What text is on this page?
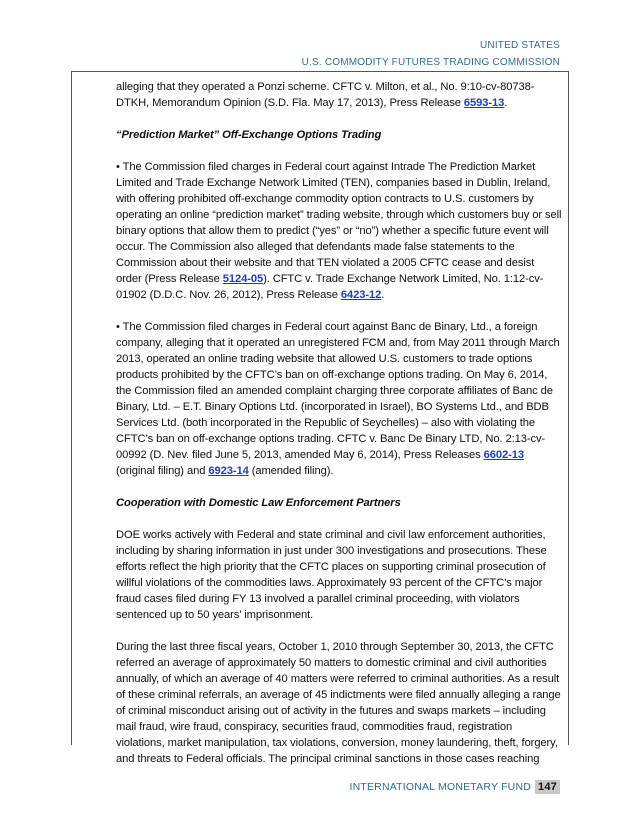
UNITED STATES
U.S. COMMODITY FUTURES TRADING COMMISSION

alleging that they operated a Ponzi scheme. CFTC v. Milton, et al., No. 9:10-cv-80738-DTKH, Memorandum Opinion (S.D. Fla. May 17, 2013), Press Release 6593-13.

“Prediction Market” Off-Exchange Options Trading

• The Commission filed charges in Federal court against Intrade The Prediction Market Limited and Trade Exchange Network Limited (TEN), companies based in Dublin, Ireland, with offering prohibited off-exchange commodity option contracts to U.S. customers by operating an online “prediction market” trading website, through which customers buy or sell binary options that allow them to predict (“yes” or “no”) whether a specific future event will occur. The Commission also alleged that defendants made false statements to the Commission about their website and that TEN violated a 2005 CFTC cease and desist order (Press Release 5124-05). CFTC v. Trade Exchange Network Limited, No. 1:12-cv-01902 (D.D.C. Nov. 26, 2012), Press Release 6423-12.

• The Commission filed charges in Federal court against Banc de Binary, Ltd., a foreign company, alleging that it operated an unregistered FCM and, from May 2011 through March 2013, operated an online trading website that allowed U.S. customers to trade options products prohibited by the CFTC’s ban on off-exchange options trading. On May 6, 2014, the Commission filed an amended complaint charging three corporate affiliates of Banc de Binary, Ltd. – E.T. Binary Options Ltd. (incorporated in Israel), BO Systems Ltd., and BDB Services Ltd. (both incorporated in the Republic of Seychelles) – also with violating the CFTC’s ban on off-exchange options trading. CFTC v. Banc De Binary LTD, No. 2:13-cv-00992 (D. Nev. filed June 5, 2013, amended May 6, 2014), Press Releases 6602-13 (original filing) and 6923-14 (amended filing).

Cooperation with Domestic Law Enforcement Partners

DOE works actively with Federal and state criminal and civil law enforcement authorities, including by sharing information in just under 300 investigations and prosecutions. These efforts reflect the high priority that the CFTC places on supporting criminal prosecution of willful violations of the commodities laws. Approximately 93 percent of the CFTC’s major fraud cases filed during FY 13 involved a parallel criminal proceeding, with violators sentenced up to 50 years’ imprisonment.

During the last three fiscal years, October 1, 2010 through September 30, 2013, the CFTC referred an average of approximately 50 matters to domestic criminal and civil authorities annually, of which an average of 40 matters were referred to criminal authorities. As a result of these criminal referrals, an average of 45 indictments were filed annually alleging a range of criminal misconduct arising out of activity in the futures and swaps markets – including mail fraud, wire fraud, conspiracy, securities fraud, commodities fraud, registration violations, market manipulation, tax violations, conversion, money laundering, theft, forgery, and threats to Federal officials. The principal criminal sanctions in those cases reaching

INTERNATIONAL MONETARY FUND 147
